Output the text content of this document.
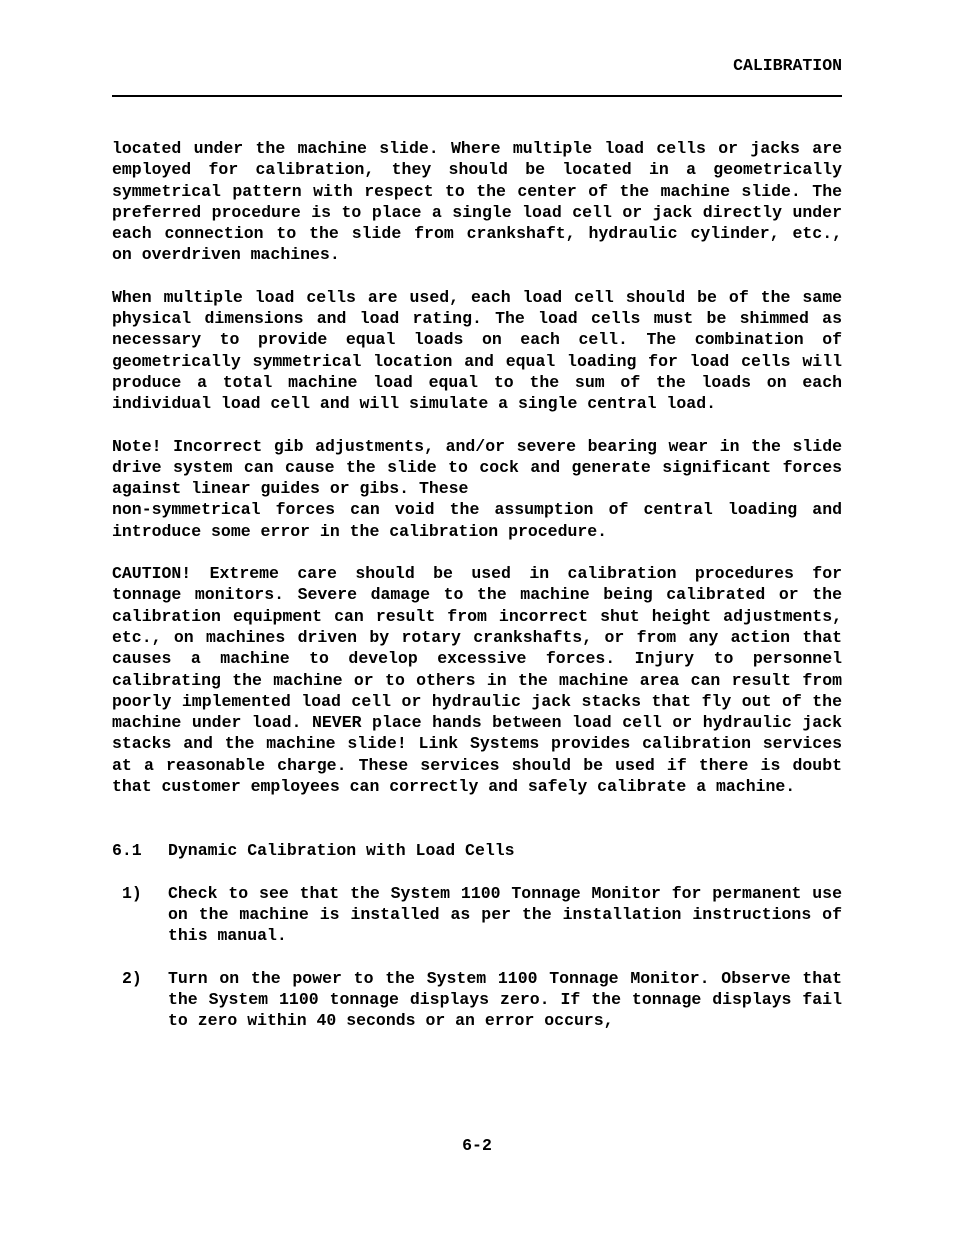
CALIBRATION

located under the machine slide. Where multiple load cells or jacks are employed for calibration, they should be located in a geometrically symmetrical pattern with respect to the center of the machine slide. The preferred procedure is to place a single load cell or jack directly under each connection to the slide from crankshaft, hydraulic cylinder, etc., on overdriven machines.

When multiple load cells are used, each load cell should be of the same physical dimensions and load rating. The load cells must be shimmed as necessary to provide equal loads on each cell. The combination of geometrically symmetrical location and equal loading for load cells will produce a total machine load equal to the sum of the loads on each individual load cell and will simulate a single central load.

Note! Incorrect gib adjustments, and/or severe bearing wear in the slide drive system can cause the slide to cock and generate significant forces against linear guides or gibs. These
non-symmetrical forces can void the assumption of central loading and introduce some error in the calibration procedure.

CAUTION! Extreme care should be used in calibration procedures for tonnage monitors. Severe damage to the machine being calibrated or the calibration equipment can result from incorrect shut height adjustments, etc., on machines driven by rotary crankshafts, or from any action that causes a machine to develop excessive forces. Injury to personnel calibrating the machine or to others in the machine area can result from poorly implemented load cell or hydraulic jack stacks that fly out of the machine under load. NEVER place hands between load cell or hydraulic jack stacks and the machine slide! Link Systems provides calibration services at a reasonable charge. These services should be used if there is doubt that customer employees can correctly and safely calibrate a machine.

6.1	Dynamic Calibration with Load Cells
1)	Check to see that the System 1100 Tonnage Monitor for permanent use on the machine is installed as per the installation instructions of this manual.
2)	Turn on the power to the System 1100 Tonnage Monitor. Observe that the System 1100 tonnage displays zero. If the tonnage displays fail to zero within 40 seconds or an error occurs,
6-2
